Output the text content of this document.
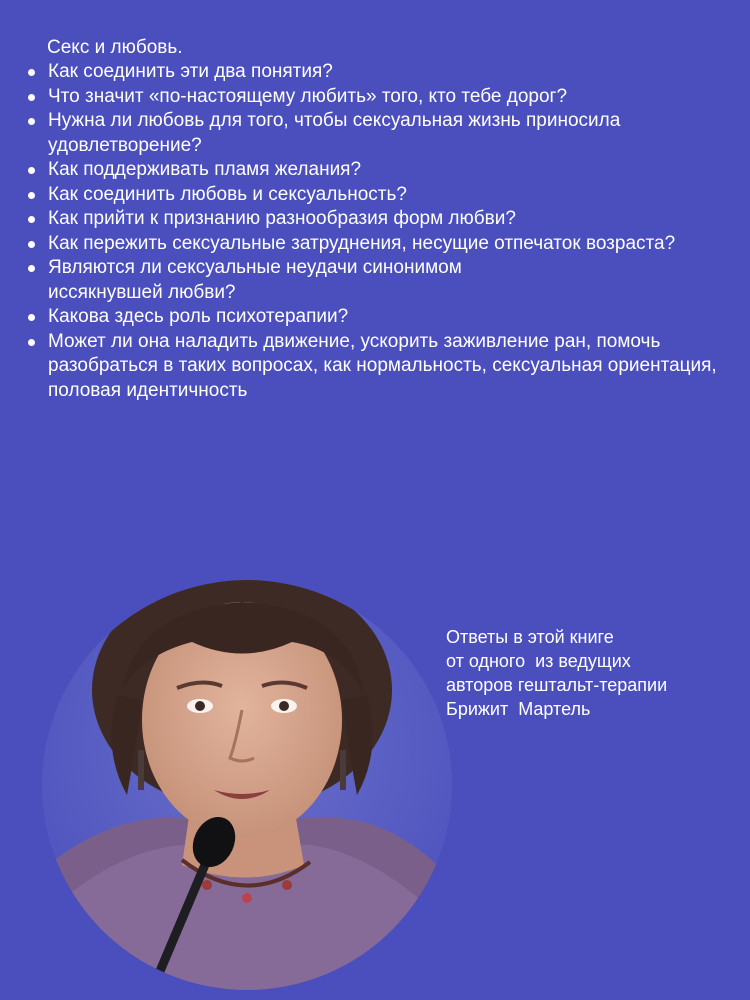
Секс и любовь.

Как соединить эти два понятия?
Что значит «по-настоящему любить» того, кто тебе дорог?
Нужна ли любовь для того, чтобы сексуальная жизнь приносила удовлетворение?
Как поддерживать пламя желания?
Как соединить любовь и сексуальность?
Как прийти к признанию разнообразия форм любви?
Как пережить сексуальные затруднения, несущие отпечаток возраста?
Являются ли сексуальные неудачи синонимом иссякнувшей любви?
Какова здесь роль психотерапии?
Может ли она наладить движение, ускорить заживление ран, помочь разобраться в таких вопросах, как нормальность, сексуальная ориентация, половая идентичность
Ответы в этой книге
от одного  из ведущих
авторов гештальт-терапии
Брижит  Мартель
